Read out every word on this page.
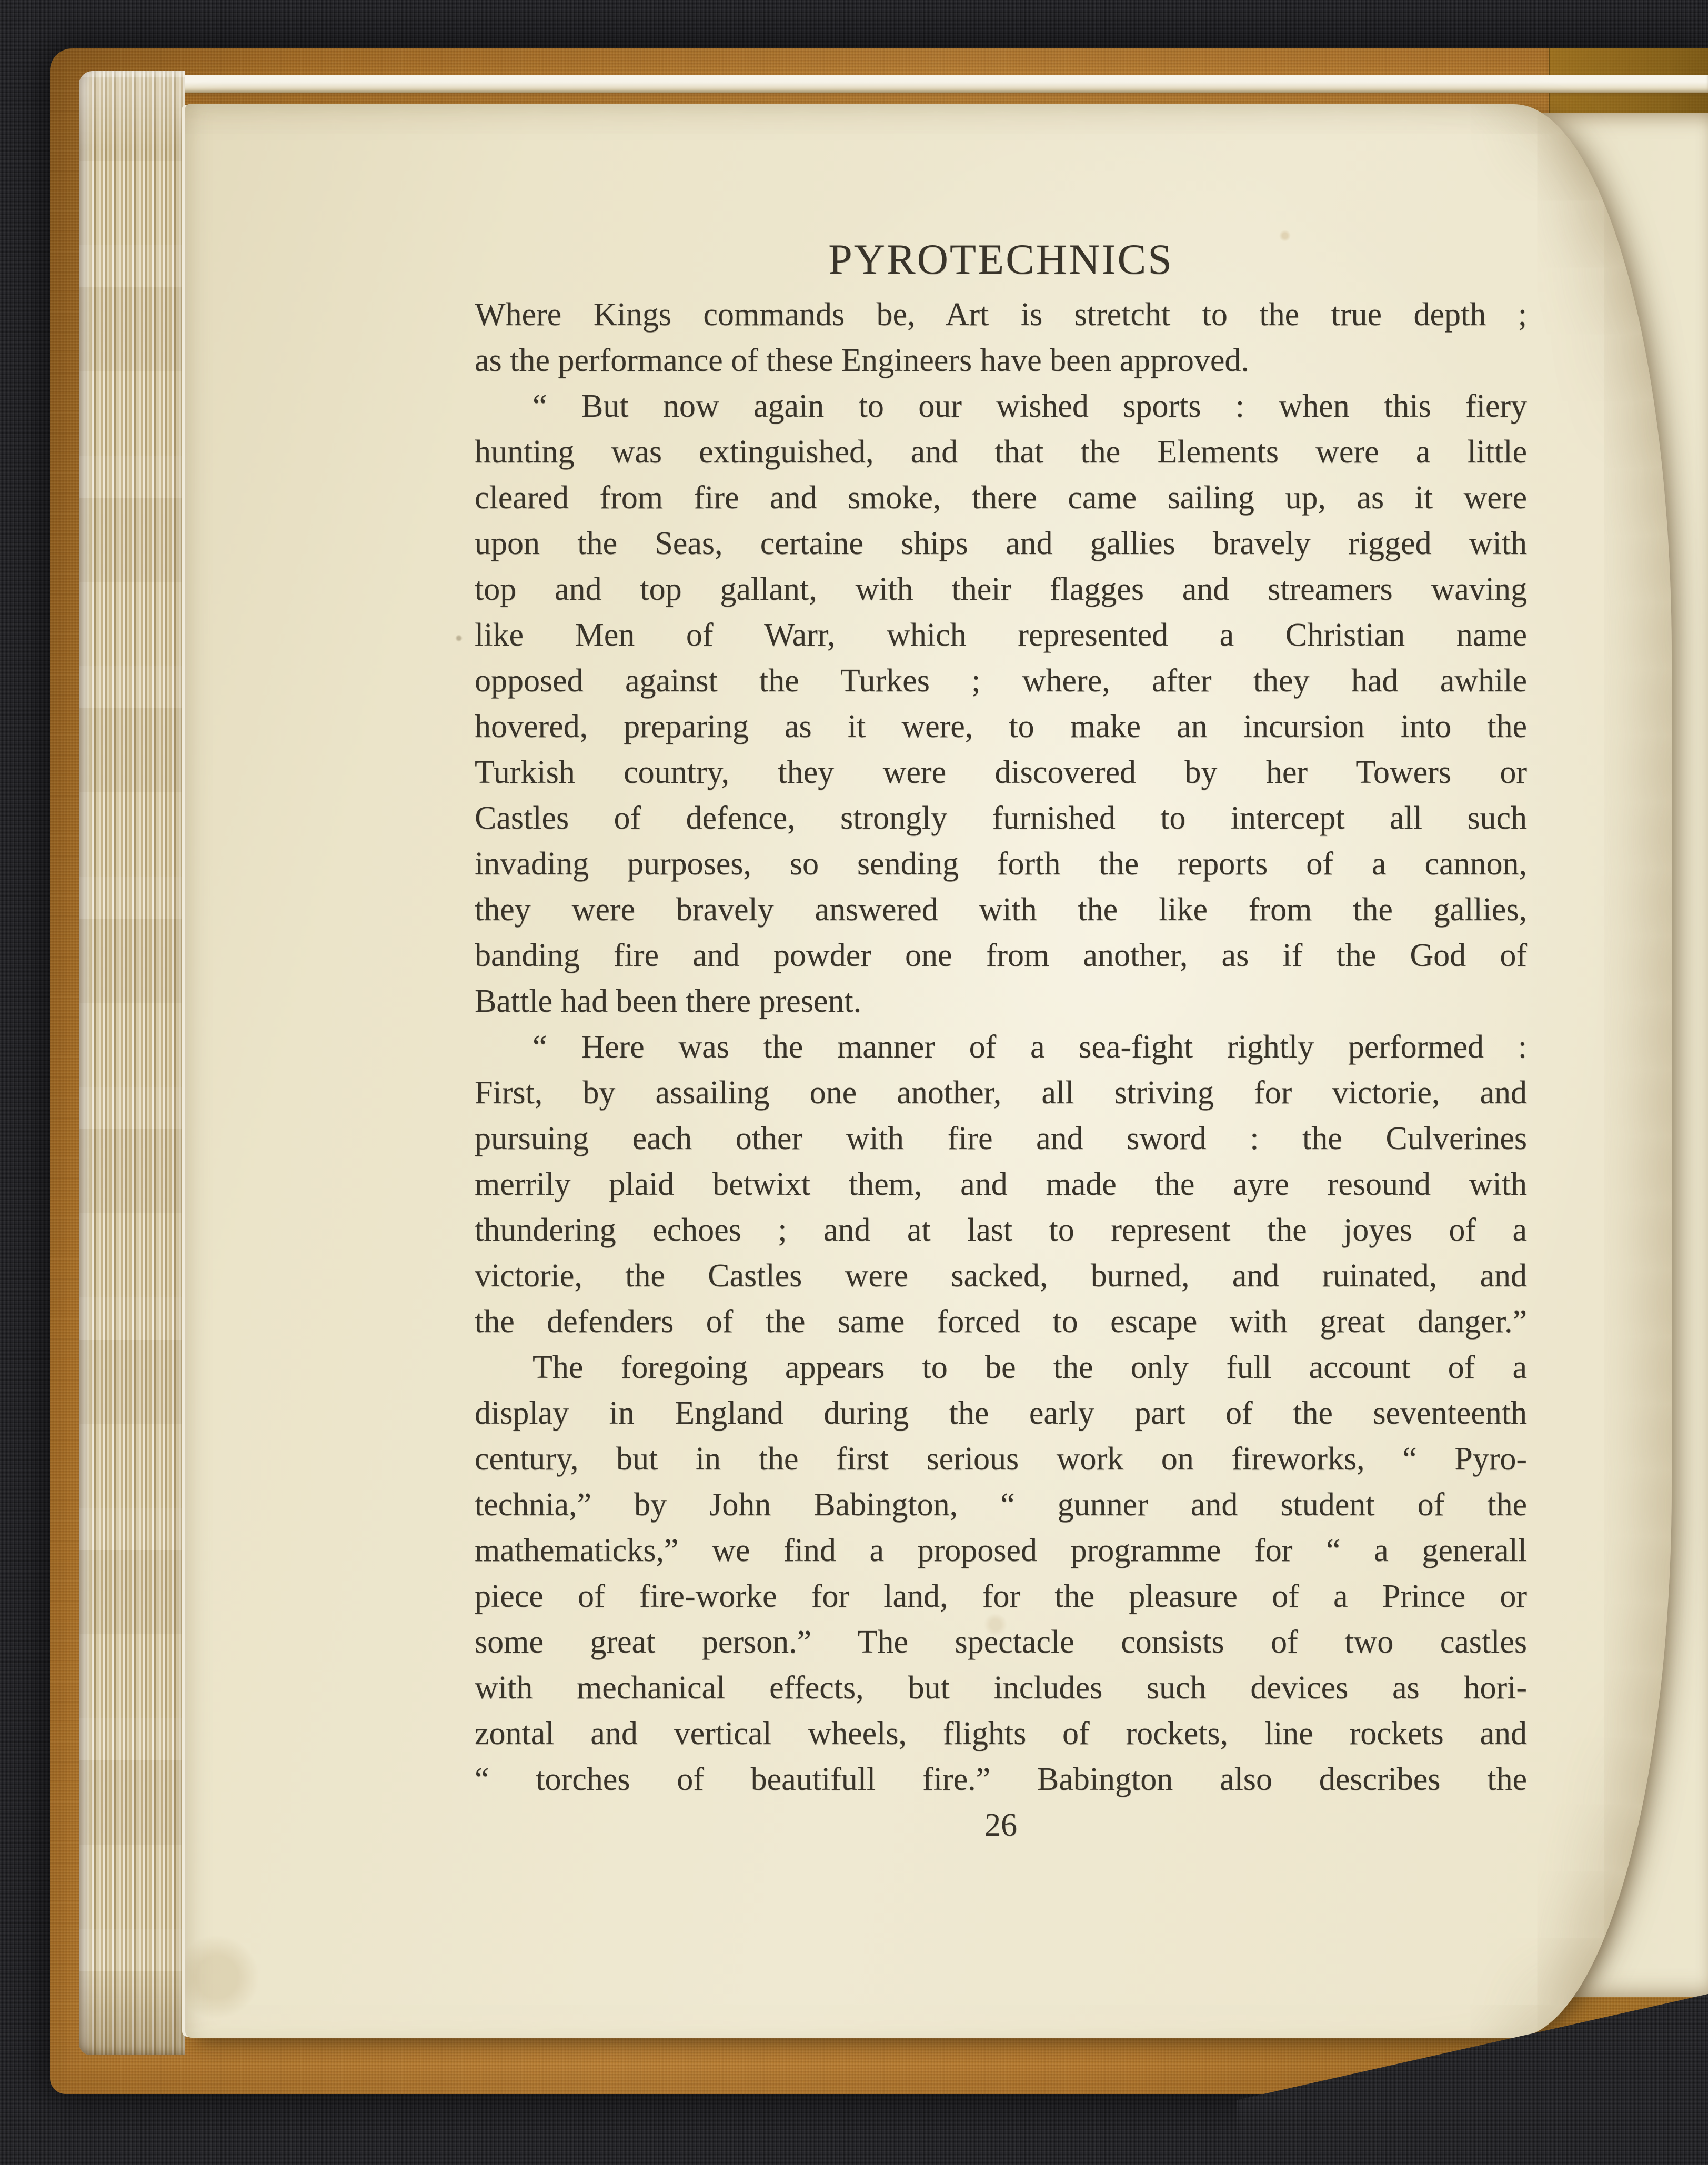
PYROTECHNICS
Where Kings commands be, Art is stretcht to the true depth ;
as the performance of these Engineers have been approved.
“ But now again to our wished sports : when this fiery
hunting was extinguished, and that the Elements were a little
cleared from fire and smoke, there came sailing up, as it were
upon the Seas, certaine ships and gallies bravely rigged with
top and top gallant, with their flagges and streamers waving
like Men of Warr, which represented a Christian name
opposed against the Turkes ; where, after they had awhile
hovered, preparing as it were, to make an incursion into the
Turkish country, they were discovered by her Towers or
Castles of defence, strongly furnished to intercept all such
invading purposes, so sending forth the reports of a cannon,
they were bravely answered with the like from the gallies,
banding fire and powder one from another, as if the God of
Battle had been there present.
“ Here was the manner of a sea-fight rightly performed :
First, by assailing one another, all striving for victorie, and
pursuing each other with fire and sword : the Culverines
merrily plaid betwixt them, and made the ayre resound with
thundering echoes ; and at last to represent the joyes of a
victorie, the Castles were sacked, burned, and ruinated, and
the defenders of the same forced to escape with great danger.”
The foregoing appears to be the only full account of a
display in England during the early part of the seventeenth
century, but in the first serious work on fireworks, “ Pyro-
technia,” by John Babington, “ gunner and student of the
mathematicks,” we find a proposed programme for “ a generall
piece of fire-worke for land, for the pleasure of a Prince or
some great person.” The spectacle consists of two castles
with mechanical effects, but includes such devices as hori-
zontal and vertical wheels, flights of rockets, line rockets and
“ torches of beautifull fire.” Babington also describes the
26
